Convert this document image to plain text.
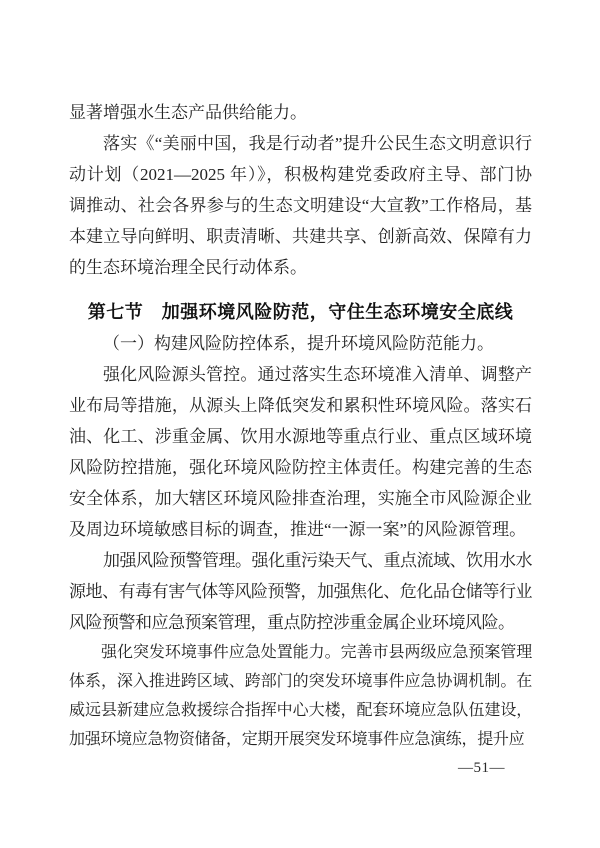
显著增强水生态产品供给能力。

落实《“美丽中国，我是行动者”提升公民生态文明意识行动计划（2021—2025 年）》，积极构建党委政府主导、部门协调推动、社会各界参与的生态文明建设“大宣教”工作格局，基本建立导向鲜明、职责清晰、共建共享、创新高效、保障有力的生态环境治理全民行动体系。

第七节　加强环境风险防范，守住生态环境安全底线

（一）构建风险防控体系，提升环境风险防范能力。

强化风险源头管控。通过落实生态环境准入清单、调整产业布局等措施，从源头上降低突发和累积性环境风险。落实石油、化工、涉重金属、饮用水源地等重点行业、重点区域环境风险防控措施，强化环境风险防控主体责任。构建完善的生态安全体系，加大辖区环境风险排查治理，实施全市风险源企业及周边环境敏感目标的调查，推进“一源一案”的风险源管理。

加强风险预警管理。强化重污染天气、重点流域、饮用水水源地、有毒有害气体等风险预警，加强焦化、危化品仓储等行业风险预警和应急预案管理，重点防控涉重金属企业环境风险。

强化突发环境事件应急处置能力。完善市县两级应急预案管理体系，深入推进跨区域、跨部门的突发环境事件应急协调机制。在威远县新建应急救援综合指挥中心大楼，配套环境应急队伍建设，加强环境应急物资储备，定期开展突发环境事件应急演练，提升应

—51—
